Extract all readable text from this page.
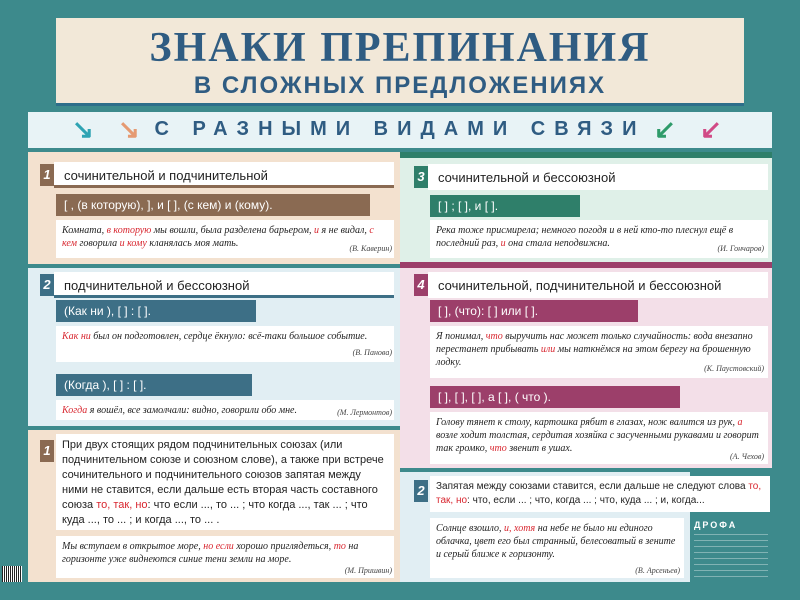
ЗНАКИ ПРЕПИНАНИЯ
В СЛОЖНЫХ ПРЕДЛОЖЕНИЯХ
↘ ↘	↙ ↙
С РАЗНЫМИ ВИДАМИ СВЯЗИ
1	сочинительной и подчинительной
[ , (в которую), ], и [ ], (с кем) и (кому).
Комната, в которую мы вошли, была разделена барьером, и я не видал, с кем говорила и кому кланялась моя мать.	(В. Каверин)
3	сочинительной и бессоюзной
[ ] ; [ ], и [ ].
Река тоже присмирела; немного погодя и в ней кто-то плеснул ещё в последний раз, и она стала неподвижна.	(И. Гончаров)
2	подчинительной и бессоюзной
(Как ни ), [ ] : [ ].
Как ни был он подготовлен, сердце ёкнуло: всё-таки большое событие.
(В. Панова)
(Когда ), [ ] : [ ].
Когда я вошёл, все замолчали: видно, говорили обо мне.	(М. Лермонтов)
4	сочинительной, подчинительной и бессоюзной
[ ], (что): [ ] или [ ].
Я понимал, что выручить нас может только случайность: вода внезапно перестанет прибывать или мы наткнёмся на этом берегу на брошенную лодку.
(К. Паустовский)
[ ], [ ], [ ], а [ ], ( что ).
Голову тянет к столу, картошка рябит в глазах, нож валится из рук, а возле ходит толстая, сердитая хозяйка с засученными рукавами и говорит так громко, что звенит в ушах.
(А. Чехов)
1	При двух стоящих рядом подчинительных союзах (или подчинительном союзе и союзном слове), а также при встрече сочинительного и подчинительного союзов запятая между ними не ставится, если дальше есть вторая часть составного союза то, так, но: что если ..., то ... ; что когда ..., так ... ; что куда ..., то ... ; и когда ..., то ... .
Мы вступаем в открытое море, но если хорошо приглядеться, то на горизонте уже виднеются синие тени земли на море.
(М. Пришвин)
2	Запятая между союзами ставится, если дальше не следуют слова то, так, но: что, если ... ; что, когда ... ; что, куда ... ; и, когда...
Солнце взошло, и, хотя на небе не было ни единого облачка, цвет его был странный, белесоватый в зените и серый ближе к горизонту.
(В. Арсеньев)
ДРОФА
